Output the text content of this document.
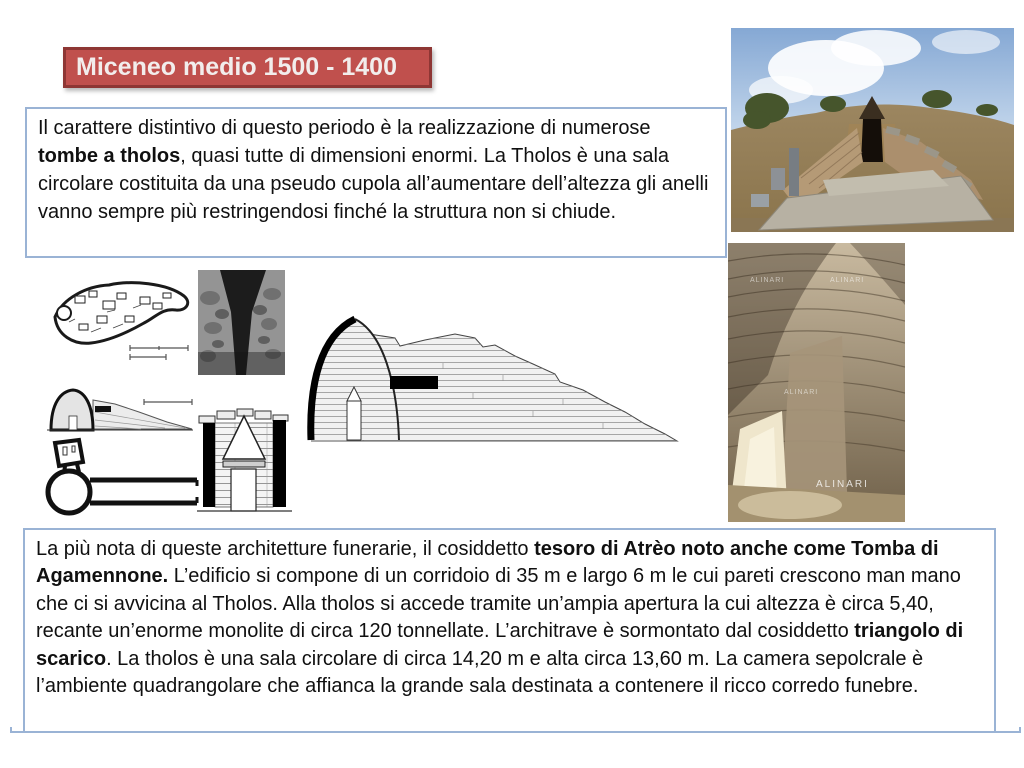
Miceneo medio 1500 - 1400

Il carattere distintivo di questo periodo è la realizzazione di numerose tombe a tholos, quasi tutte di dimensioni enormi. La Tholos è una sala circolare costituita da una pseudo cupola all’aumentare dell’altezza gli anelli vanno sempre più restringendosi finché la struttura non si chiude.

ALINARI	ALINARI
ALINARI
ALINARI

La più nota di queste architetture funerarie, il cosiddetto tesoro di Atrèo noto anche come Tomba di Agamennone. L’edificio si compone di un corridoio di 35 m e largo 6 m le cui pareti crescono man mano che ci si avvicina al Tholos. Alla tholos si accede tramite un’ampia apertura la cui altezza è circa 5,40, recante un’enorme monolite di circa 120 tonnellate. L’architrave è sormontato dal cosiddetto triangolo di scarico. La tholos è una sala circolare di circa 14,20 m e alta circa 13,60 m. La camera sepolcrale è l’ambiente quadrangolare che affianca la grande sala destinata a contenere il ricco corredo funebre.
